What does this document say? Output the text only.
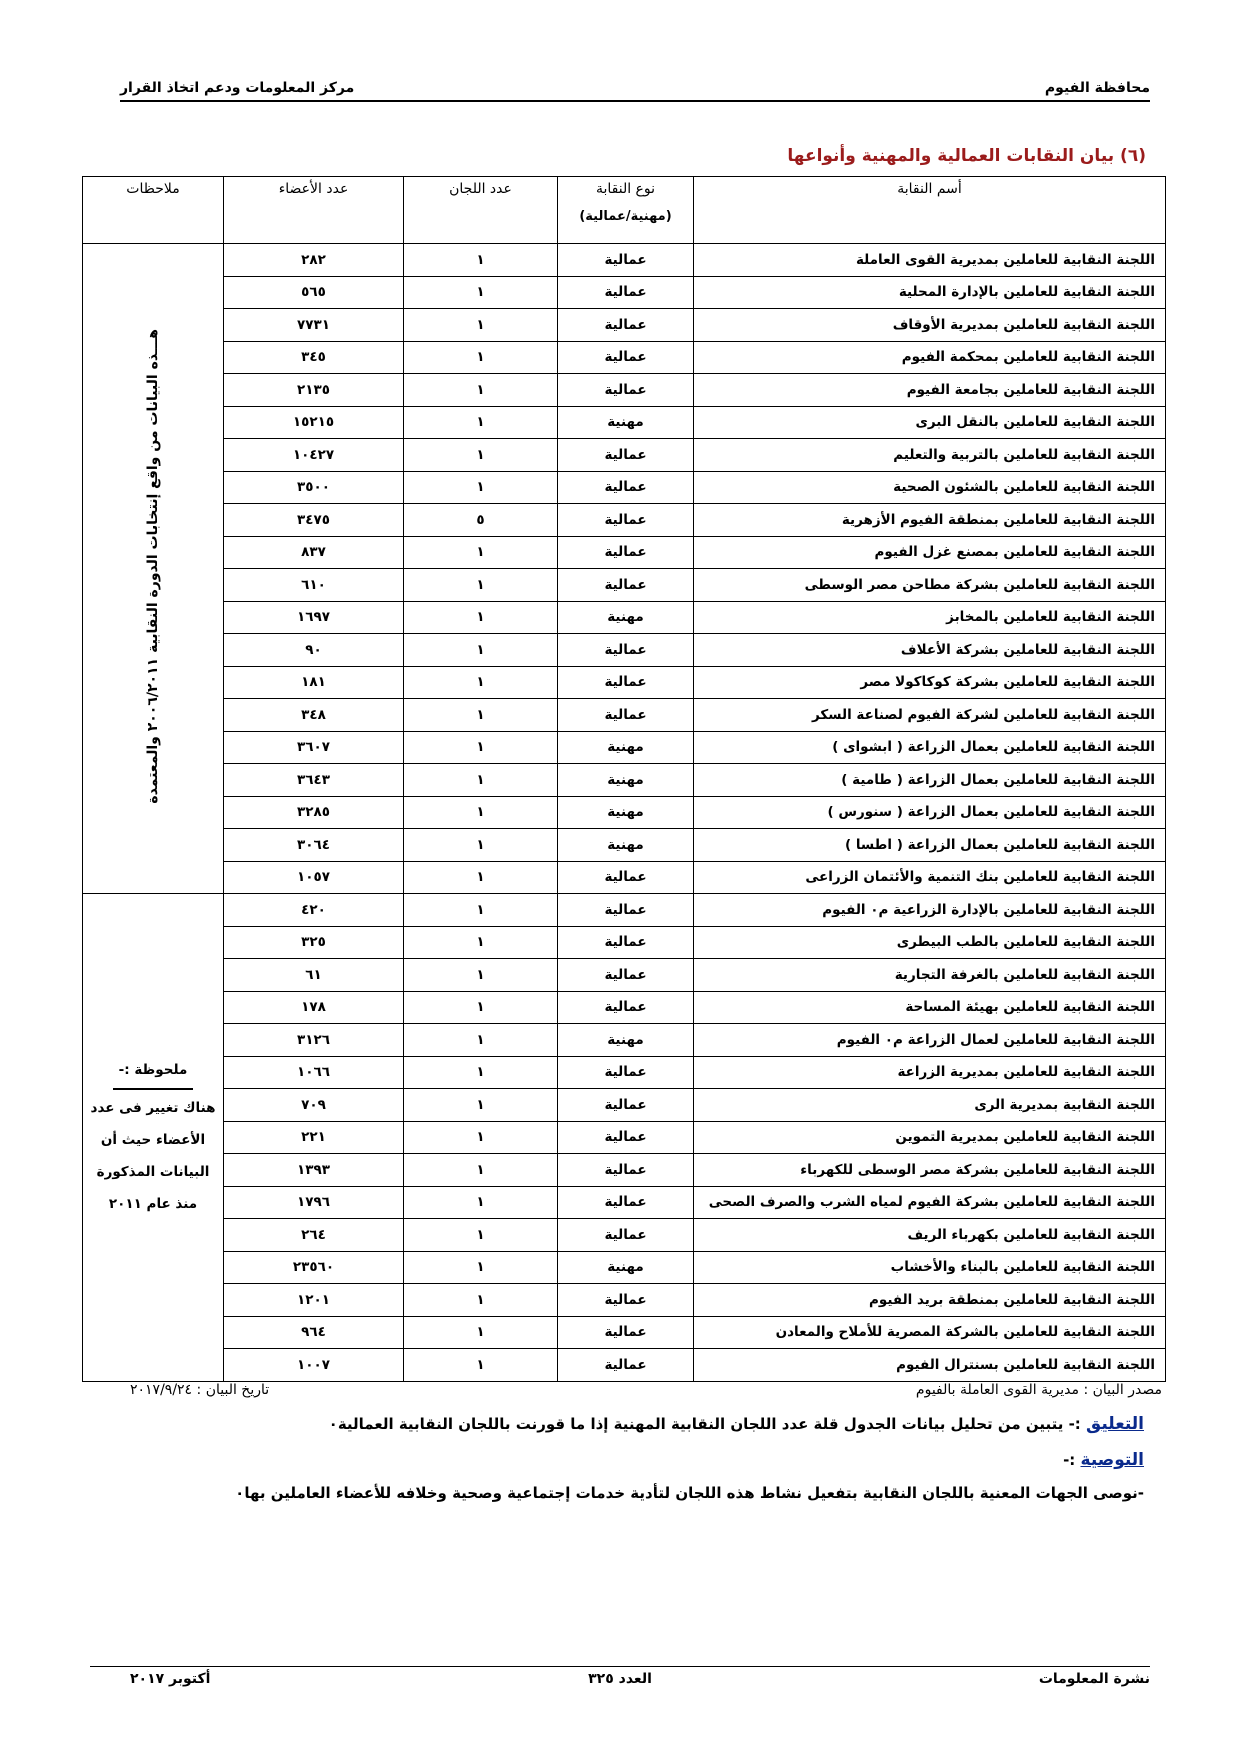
محافظة الفيوم
مركز المعلومات ودعم اتخاذ القرار
(٦) بيان النقابات العمالية والمهنية وأنواعها
أسم النقابة	نوع النقابة
(مهنية/عمالية)	عدد اللجان	عدد الأعضاء	ملاحظات
اللجنة النقابية للعاملين بمديرية القوى العاملة	عمالية	١	٢٨٢	هـــذه البيانات من واقع إنتخابات الدورة النقابية ٢٠٠٦/٢٠١١ والمعتمدة
اللجنة النقابية للعاملين بالإدارة المحلية	عمالية	١	٥٦٥	
اللجنة النقابية للعاملين بمديرية الأوقاف	عمالية	١	٧٧٣١	
اللجنة النقابية للعاملين بمحكمة الفيوم	عمالية	١	٣٤٥	
اللجنة النقابية للعاملين بجامعة الفيوم	عمالية	١	٢١٣٥	
اللجنة النقابية للعاملين بالنقل البرى	مهنية	١	١٥٢١٥	
اللجنة النقابية للعاملين بالتربية والتعليم	عمالية	١	١٠٤٢٧	
اللجنة النقابية للعاملين بالشئون الصحية	عمالية	١	٣٥٠٠	
اللجنة النقابية للعاملين بمنطقة الفيوم الأزهرية	عمالية	٥	٣٤٧٥	
اللجنة النقابية للعاملين بمصنع غزل الفيوم	عمالية	١	٨٣٧	
اللجنة النقابية للعاملين بشركة مطاحن مصر الوسطى	عمالية	١	٦١٠	
اللجنة النقابية للعاملين بالمخابز	مهنية	١	١٦٩٧	
اللجنة النقابية للعاملين بشركة الأعلاف	عمالية	١	٩٠	
اللجنة النقابية للعاملين بشركة كوكاكولا مصر	عمالية	١	١٨١	
اللجنة النقابية للعاملين لشركة الفيوم لصناعة السكر	عمالية	١	٣٤٨	
اللجنة النقابية للعاملين بعمال الزراعة ( ابشواى )	مهنية	١	٣٦٠٧	
اللجنة النقابية للعاملين بعمال الزراعة ( طامية )	مهنية	١	٣٦٤٣	
اللجنة النقابية للعاملين بعمال الزراعة ( سنورس )	مهنية	١	٣٢٨٥	
اللجنة النقابية للعاملين بعمال الزراعة ( اطسا )	مهنية	١	٣٠٦٤	
اللجنة النقابية للعاملين بنك التنمية والأئتمان الزراعى	عمالية	١	١٠٥٧	
اللجنة النقابية للعاملين بالإدارة الزراعية م٠ الفيوم	عمالية	١	٤٢٠	ملحوظة :-
هناك تغيير فى عدد
الأعضاء حيث أن
البيانات المذكورة
منذ عام ٢٠١١

اللجنة النقابية للعاملين بالطب البيطرى	عمالية	١	٣٢٥	
اللجنة النقابية للعاملين بالغرفة التجارية	عمالية	١	٦١	
اللجنة النقابية للعاملين بهيئة المساحة	عمالية	١	١٧٨	
اللجنة النقابية للعاملين لعمال الزراعة م٠ الفيوم	مهنية	١	٣١٢٦	
اللجنة النقابية للعاملين بمديرية الزراعة	عمالية	١	١٠٦٦	
اللجنة النقابية بمديرية الرى	عمالية	١	٧٠٩	
اللجنة النقابية للعاملين بمديرية التموين	عمالية	١	٢٢١	
اللجنة النقابية للعاملين بشركة مصر الوسطى للكهرباء	عمالية	١	١٣٩٣	
اللجنة النقابية للعاملين بشركة الفيوم لمياه الشرب والصرف الصحى	عمالية	١	١٧٩٦	
اللجنة النقابية للعاملين بكهرباء الريف	عمالية	١	٢٦٤	
اللجنة النقابية للعاملين بالبناء والأخشاب	مهنية	١	٢٣٥٦٠	
اللجنة النقابية للعاملين بمنطقة بريد الفيوم	عمالية	١	١٢٠١	
اللجنة النقابية للعاملين بالشركة المصرية للأملاح والمعادن	عمالية	١	٩٦٤	
اللجنة النقابية للعاملين بسنترال الفيوم	عمالية	١	١٠٠٧	
مصدر البيان : مديرية القوى العاملة بالفيوم
تاريخ البيان : ٢٠١٧/٩/٢٤
التعليق :- يتبين من تحليل بيانات الجدول قلة عدد اللجان النقابية المهنية إذا ما قورنت باللجان النقابية العمالية٠
التوصية :-
-نوصى الجهات المعنية باللجان النقابية بتفعيل نشاط هذه اللجان لتأدية خدمات إجتماعية وصحية وخلافه للأعضاء العاملين بها٠
نشرة المعلومات
العدد ٣٢٥
أكتوبر ٢٠١٧
